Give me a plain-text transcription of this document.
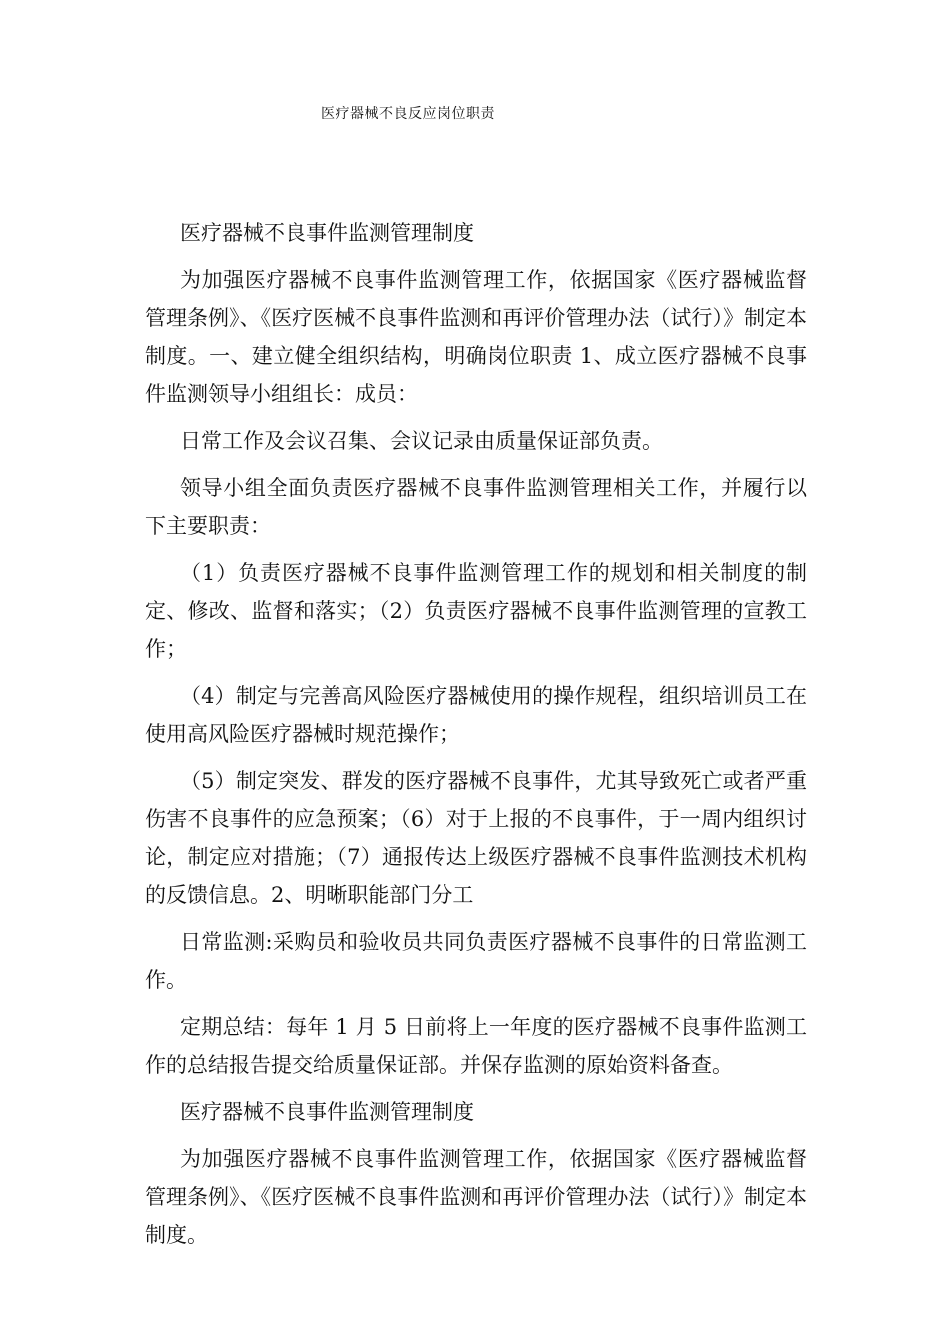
医疗器械不良反应岗位职责

医疗器械不良事件监测管理制度

为加强医疗器械不良事件监测管理工作，依据国家《医疗器械监督管理条例》、《医疗医械不良事件监测和再评价管理办法（试行）》制定本制度。一、建立健全组织结构，明确岗位职责 1、成立医疗器械不良事件监测领导小组组长：成员：

日常工作及会议召集、会议记录由质量保证部负责。

领导小组全面负责医疗器械不良事件监测管理相关工作，并履行以下主要职责：

（1）负责医疗器械不良事件监测管理工作的规划和相关制度的制定、修改、监督和落实；（2）负责医疗器械不良事件监测管理的宣教工作；

（4）制定与完善高风险医疗器械使用的操作规程，组织培训员工在使用高风险医疗器械时规范操作；

（5）制定突发、群发的医疗器械不良事件，尤其导致死亡或者严重伤害不良事件的应急预案；（6）对于上报的不良事件，于一周内组织讨论，制定应对措施；（7）通报传达上级医疗器械不良事件监测技术机构的反馈信息。2、明晰职能部门分工

日常监测:采购员和验收员共同负责医疗器械不良事件的日常监测工作。

定期总结：每年 1 月 5 日前将上一年度的医疗器械不良事件监测工作的总结报告提交给质量保证部。并保存监测的原始资料备查。

医疗器械不良事件监测管理制度

为加强医疗器械不良事件监测管理工作，依据国家《医疗器械监督管理条例》、《医疗医械不良事件监测和再评价管理办法（试行）》制定本制度。
